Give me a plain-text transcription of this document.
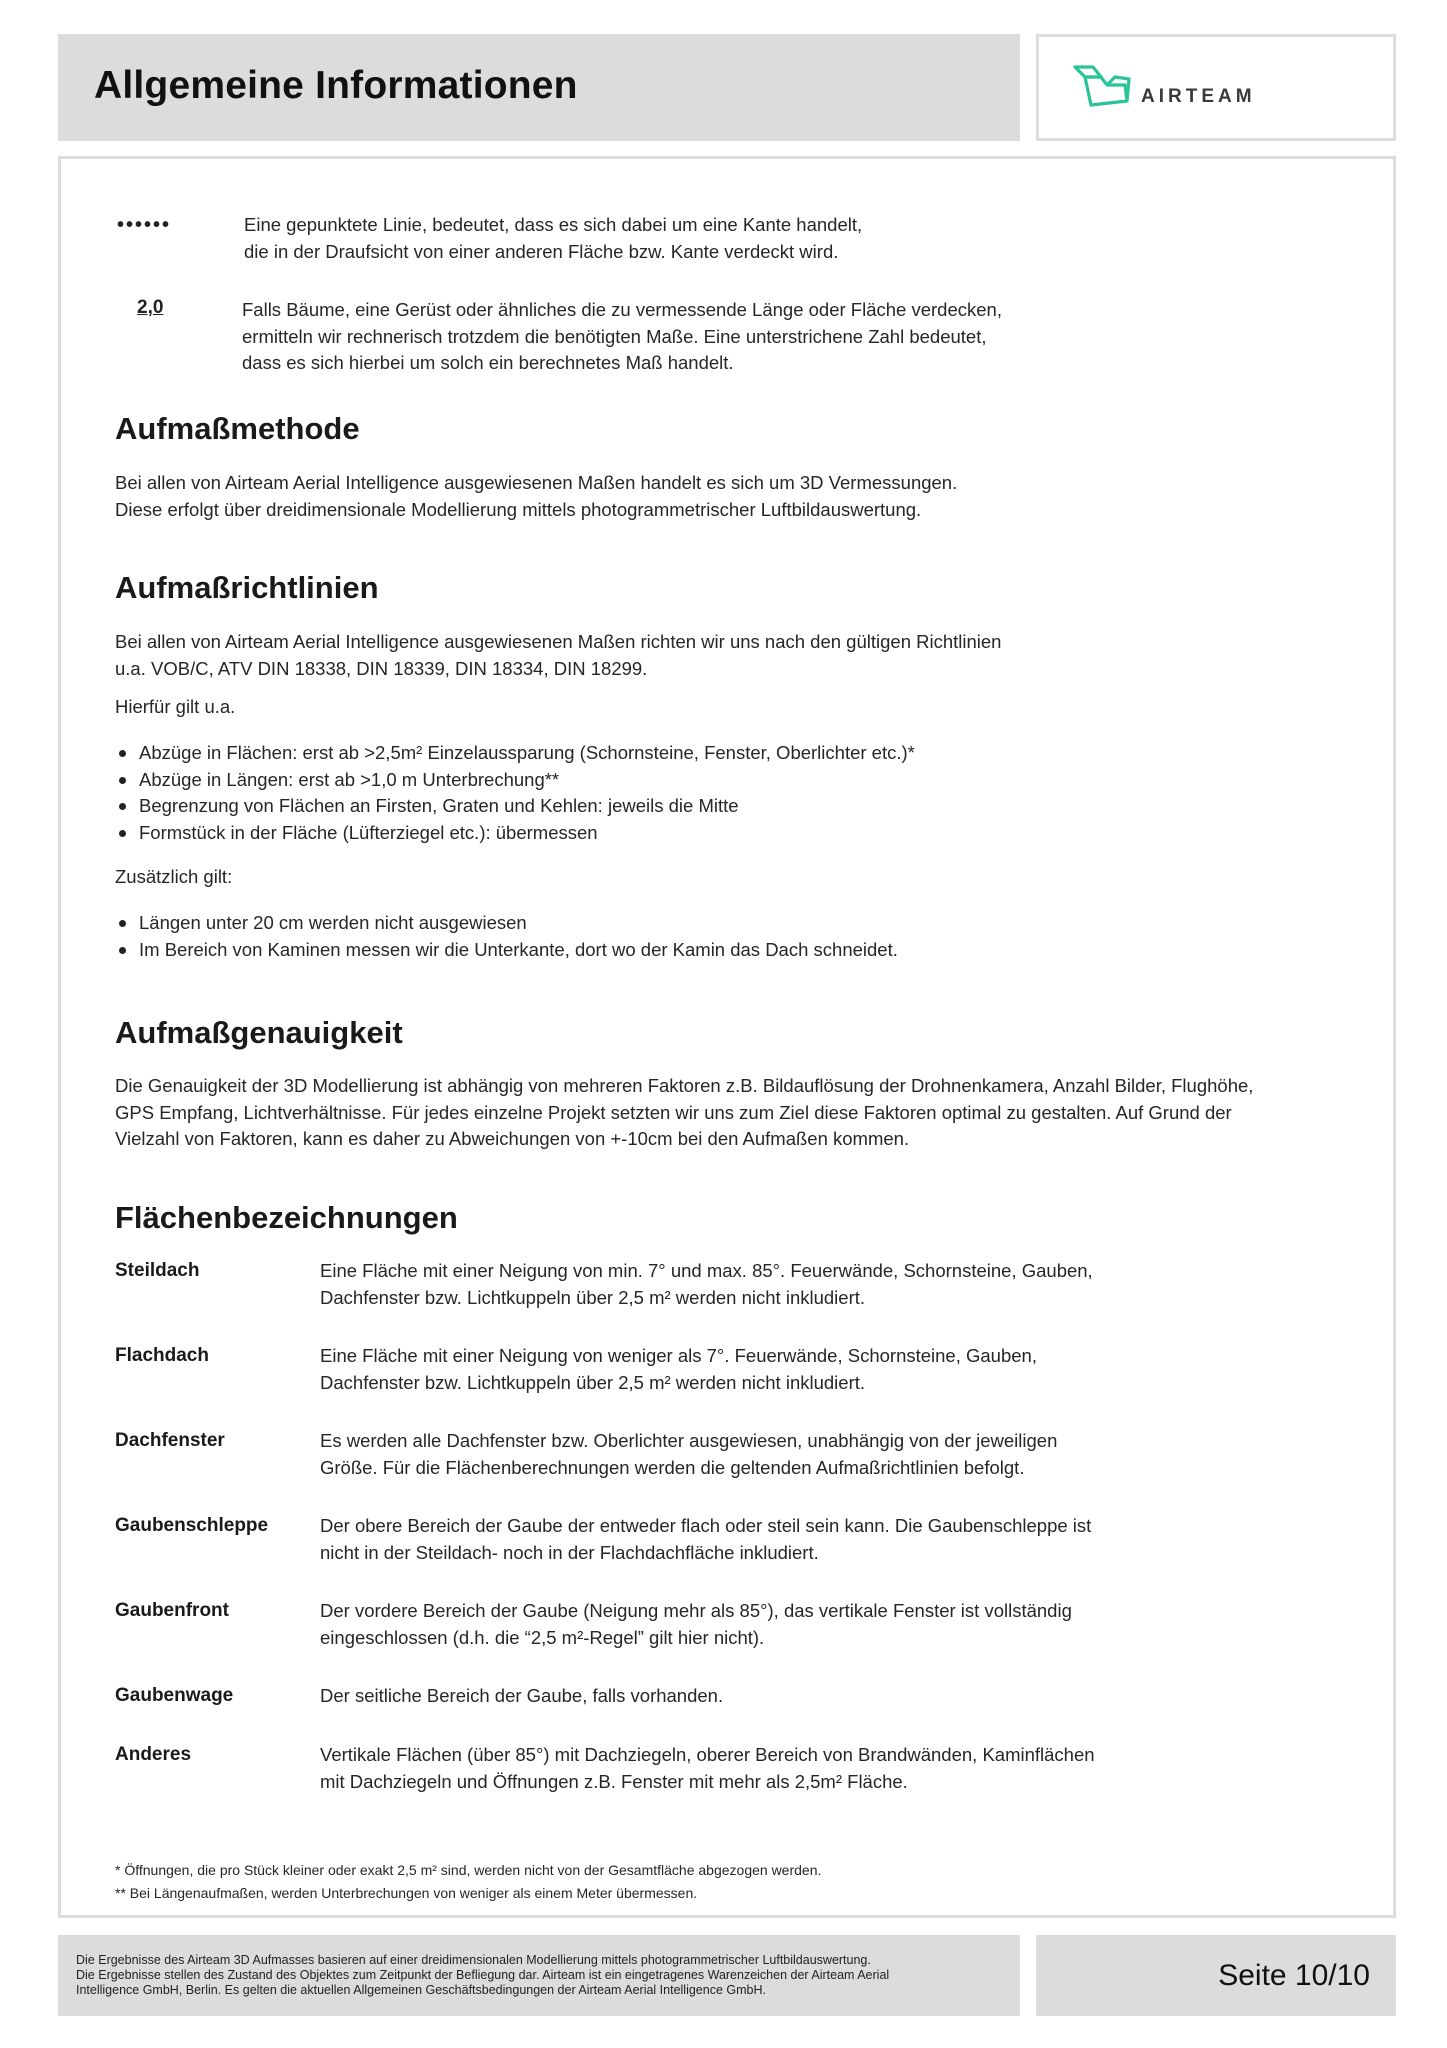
Allgemeine Informationen	AIRTEAM
••••••	Eine gepunktete Linie, bedeutet, dass es sich dabei um eine Kante handelt,
die in der Draufsicht von einer anderen Fläche bzw. Kante verdeckt wird.
2,0	Falls Bäume, eine Gerüst oder ähnliches die zu vermessende Länge oder Fläche verdecken,
ermitteln wir rechnerisch trotzdem die benötigten Maße. Eine unterstrichene Zahl bedeutet,
dass es sich hierbei um solch ein berechnetes Maß handelt.
Aufmaßmethode
Bei allen von Airteam Aerial Intelligence ausgewiesenen Maßen handelt es sich um 3D Vermessungen.
Diese erfolgt über dreidimensionale Modellierung mittels photogrammetrischer Luftbildauswertung.
Aufmaßrichtlinien
Bei allen von Airteam Aerial Intelligence ausgewiesenen Maßen richten wir uns nach den gültigen Richtlinien
u.a. VOB/C, ATV DIN 18338, DIN 18339, DIN 18334, DIN 18299.
Hierfür gilt u.a.
Abzüge in Flächen: erst ab >2,5m² Einzelaussparung (Schornsteine, Fenster, Oberlichter etc.)*
Abzüge in Längen: erst ab >1,0 m Unterbrechung**
Begrenzung von Flächen an Firsten, Graten und Kehlen: jeweils die Mitte
Formstück in der Fläche (Lüfterziegel etc.): übermessen
Zusätzlich gilt:
Längen unter 20 cm werden nicht ausgewiesen
Im Bereich von Kaminen messen wir die Unterkante, dort wo der Kamin das Dach schneidet.
Aufmaßgenauigkeit
Die Genauigkeit der 3D Modellierung ist abhängig von mehreren Faktoren z.B. Bildauflösung der Drohnenkamera, Anzahl Bilder, Flughöhe,
GPS Empfang, Lichtverhältnisse. Für jedes einzelne Projekt setzten wir uns zum Ziel diese Faktoren optimal zu gestalten. Auf Grund der
Vielzahl von Faktoren, kann es daher zu Abweichungen von +-10cm bei den Aufmaßen kommen.
Flächenbezeichnungen
Steildach	Eine Fläche mit einer Neigung von min. 7° und max. 85°. Feuerwände, Schornsteine, Gauben,
Dachfenster bzw. Lichtkuppeln über 2,5 m² werden nicht inkludiert.
Flachdach	Eine Fläche mit einer Neigung von weniger als 7°. Feuerwände, Schornsteine, Gauben,
Dachfenster bzw. Lichtkuppeln über 2,5 m² werden nicht inkludiert.
Dachfenster	Es werden alle Dachfenster bzw. Oberlichter ausgewiesen, unabhängig von der jeweiligen
Größe. Für die Flächenberechnungen werden die geltenden Aufmaßrichtlinien befolgt.
Gaubenschleppe	Der obere Bereich der Gaube der entweder flach oder steil sein kann. Die Gaubenschleppe ist
nicht in der Steildach- noch in der Flachdachfläche inkludiert.
Gaubenfront	Der vordere Bereich der Gaube (Neigung mehr als 85°), das vertikale Fenster ist vollständig
eingeschlossen (d.h. die “2,5 m²-Regel” gilt hier nicht).
Gaubenwage	Der seitliche Bereich der Gaube, falls vorhanden.
Anderes	Vertikale Flächen (über 85°) mit Dachziegeln, oberer Bereich von Brandwänden, Kaminflächen
mit Dachziegeln und Öffnungen z.B. Fenster mit mehr als 2,5m² Fläche.
* Öffnungen, die pro Stück kleiner oder exakt 2,5 m² sind, werden nicht von der Gesamtfläche abgezogen werden.
** Bei Längenaufmaßen, werden Unterbrechungen von weniger als einem Meter übermessen.
Die Ergebnisse des Airteam 3D Aufmasses basieren auf einer dreidimensionalen Modellierung mittels photogrammetrischer Luftbildauswertung.
Die Ergebnisse stellen des Zustand des Objektes zum Zeitpunkt der Befliegung dar. Airteam ist ein eingetragenes Warenzeichen der Airteam Aerial
Intelligence GmbH, Berlin. Es gelten die aktuellen Allgemeinen Geschäftsbedingungen der Airteam Aerial Intelligence GmbH.	Seite 10/10
